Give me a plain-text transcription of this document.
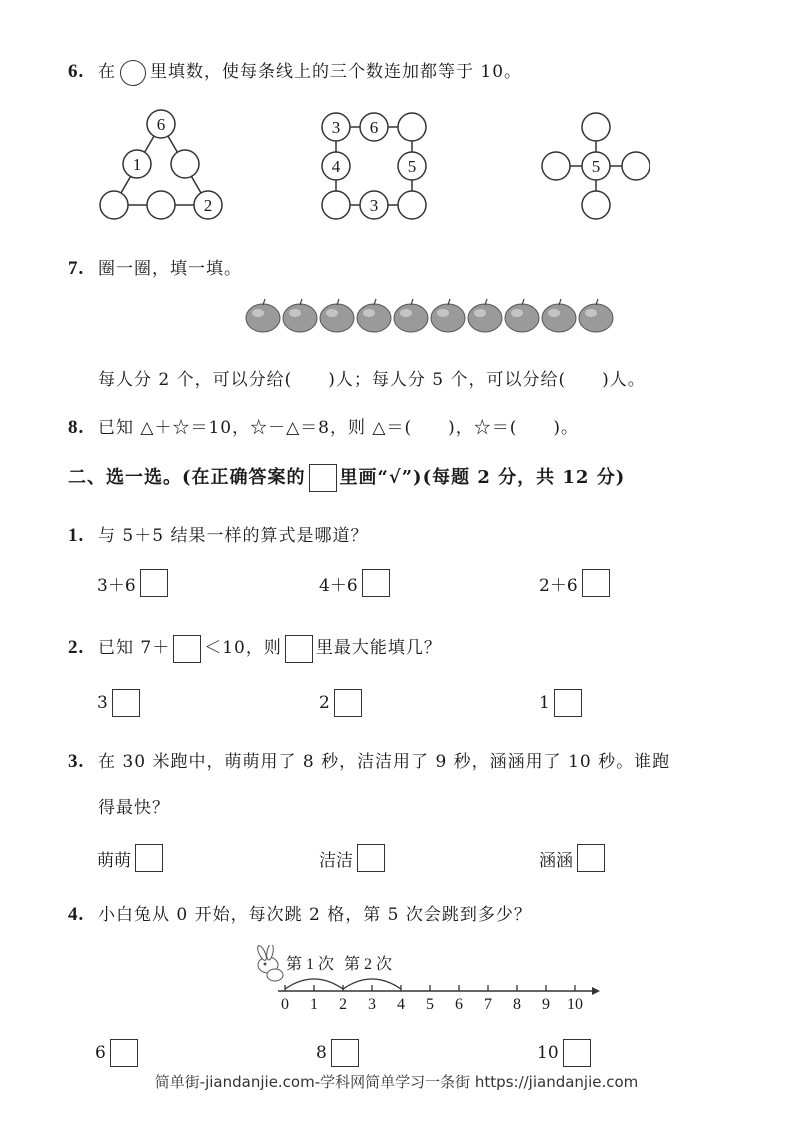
6. 在 里填数，使每条线上的三个数连加都等于 10。
6
1
2
3 6
4	5
3
5
7. 圈一圈，填一填。
每人分 2 个，可以分给(　　)人；每人分 5 个，可以分给(　　)人。
8. 已知 △＋☆＝10，☆－△＝8，则 △＝(　　)，☆＝(　　)。
二、选一选。(在正确答案的 里画“√”)(每题 2 分，共 12 分)
1. 与 5＋5 结果一样的算式是哪道？
3＋6	4＋6	2＋6
2. 已知 7＋ ＜10，则 里最大能填几？
3	2	1
3. 在 30 米跑中，萌萌用了 8 秒，洁洁用了 9 秒，涵涵用了 10 秒。谁跑
得最快？
萌萌	洁洁	涵涵
4. 小白兔从 0 开始，每次跳 2 格，第 5 次会跳到多少？
第 1 次 第 2 次
0 1 2 3 4 5 6 7 8 9 10
6	8	10
简单街-jiandanjie.com-学科网简单学习一条街 https://jiandanjie.com
